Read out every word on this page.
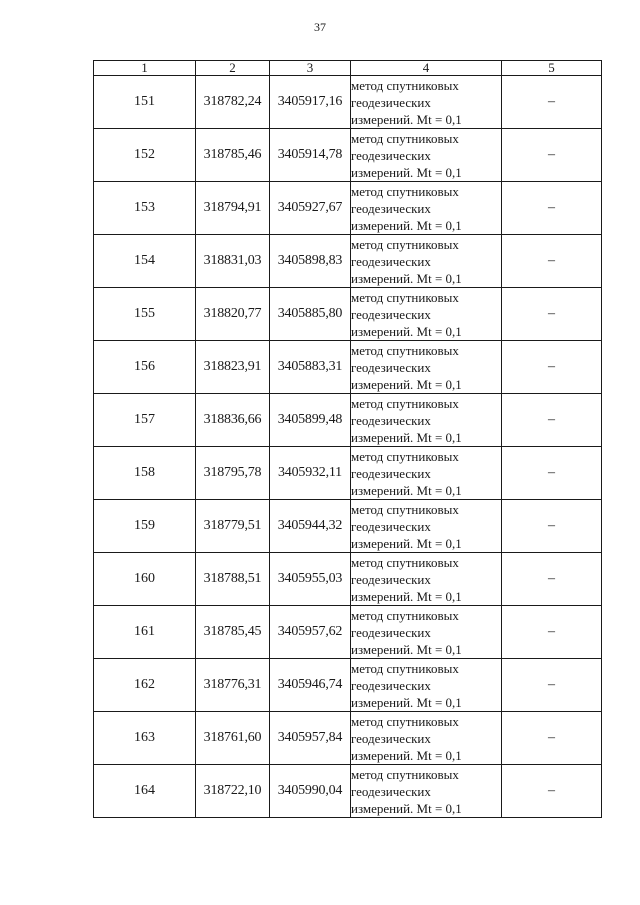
37
1	2	3	4	5
151	318782,24	3405917,16	метод спутниковых
геодезических
измерений. Mt = 0,1	–
152	318785,46	3405914,78	метод спутниковых
геодезических
измерений. Mt = 0,1	–
153	318794,91	3405927,67	метод спутниковых
геодезических
измерений. Mt = 0,1	–
154	318831,03	3405898,83	метод спутниковых
геодезических
измерений. Mt = 0,1	–
155	318820,77	3405885,80	метод спутниковых
геодезических
измерений. Mt = 0,1	–
156	318823,91	3405883,31	метод спутниковых
геодезических
измерений. Mt = 0,1	–
157	318836,66	3405899,48	метод спутниковых
геодезических
измерений. Mt = 0,1	–
158	318795,78	3405932,11	метод спутниковых
геодезических
измерений. Mt = 0,1	–
159	318779,51	3405944,32	метод спутниковых
геодезических
измерений. Mt = 0,1	–
160	318788,51	3405955,03	метод спутниковых
геодезических
измерений. Mt = 0,1	–
161	318785,45	3405957,62	метод спутниковых
геодезических
измерений. Mt = 0,1	–
162	318776,31	3405946,74	метод спутниковых
геодезических
измерений. Mt = 0,1	–
163	318761,60	3405957,84	метод спутниковых
геодезических
измерений. Mt = 0,1	–
164	318722,10	3405990,04	метод спутниковых
геодезических
измерений. Mt = 0,1	–
